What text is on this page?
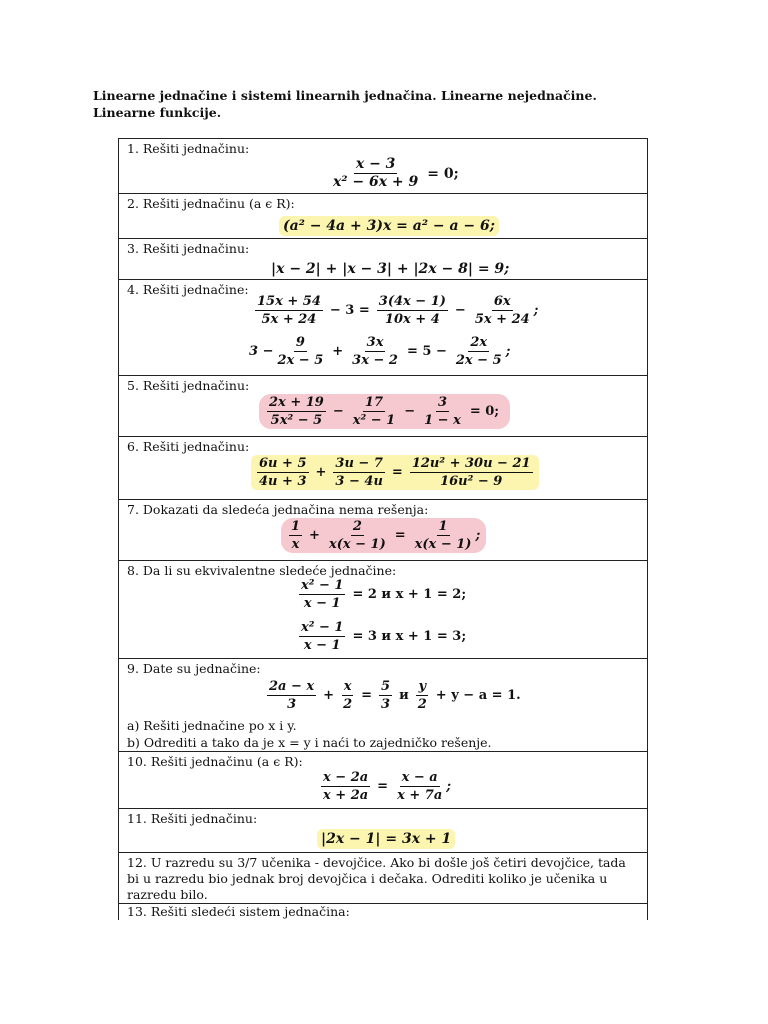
Linearne jednačine i sistemi linearnih jednačina. Linearne nejednačine. Linearne funkcije.
1. Rešiti jednačinu:
$\frac{x - 3}{\text{x² − 6x + 9}} = 0$;
2. Rešiti jednačinu (a ϵ R):
(a² − 4a + 3)x = a² − a − 6;
3. Rešiti jednačinu:
|x − 2| + |x − 3| + |2x − 8| = 9;
4. Rešiti jednačine:
$\frac{15x + 54}{5x + 24} - 3 = \frac{3(4x - 1)}{10x + 4} - \frac{6x}{5x + 24}$ ;
$3 - \frac{9}{2x - 5} + \frac{3x}{3x - 2} = 5 - \frac{2x}{2x - 5}$ ;
5. Rešiti jednačinu:
$\frac{2x + 19}{\text{5x² − 5}} - \frac{17}{\text{x² − 1}} - \frac{3}{1 - x} = 0$;
6. Rešiti jednačinu:
$\frac{6u + 5}{4u + 3} + \frac{3u - 7}{3 - 4u} = \frac{\text{12u² + 30u − 21}}{\text{16u² − 9}}$
7. Dokazati da sledeća jednačina nema rešenja:
$\frac{1}{x} + \frac{2}{x(x - 1)} = \frac{1}{x(x - 1)}$ ;
8. Da li su ekvivalentne sledeće jednačine:
$\frac{\text{x² − 1}}{x - 1} = 2$ и x + 1 = 2;
$\frac{\text{x² − 1}}{x - 1} = 3$ и x + 1 = 3;
9. Date su jednačine:
$\frac{2a - x}{3} + \frac{x}{2} = \frac{5}{3}$ и $\frac{y}{2} + y - a = 1$.
a) Rešiti jednačine po x i y.
b) Odrediti a tako da je x = y i naći to zajedničko rešenje.
10. Rešiti jednačinu (a ϵ R):
$\frac{x - 2a}{x + 2a} = \frac{x - a}{x + 7a}$ ;
11. Rešiti jednačinu:
|2x − 1| = 3x + 1
12. U razredu su 3/7 učenika - devojčice. Ako bi došle još četiri devojčice, tada bi u razredu bio jednak broj devojčica i dečaka. Odrediti koliko je učenika u razredu bilo.
13. Rešiti sledeći sistem jednačina:
